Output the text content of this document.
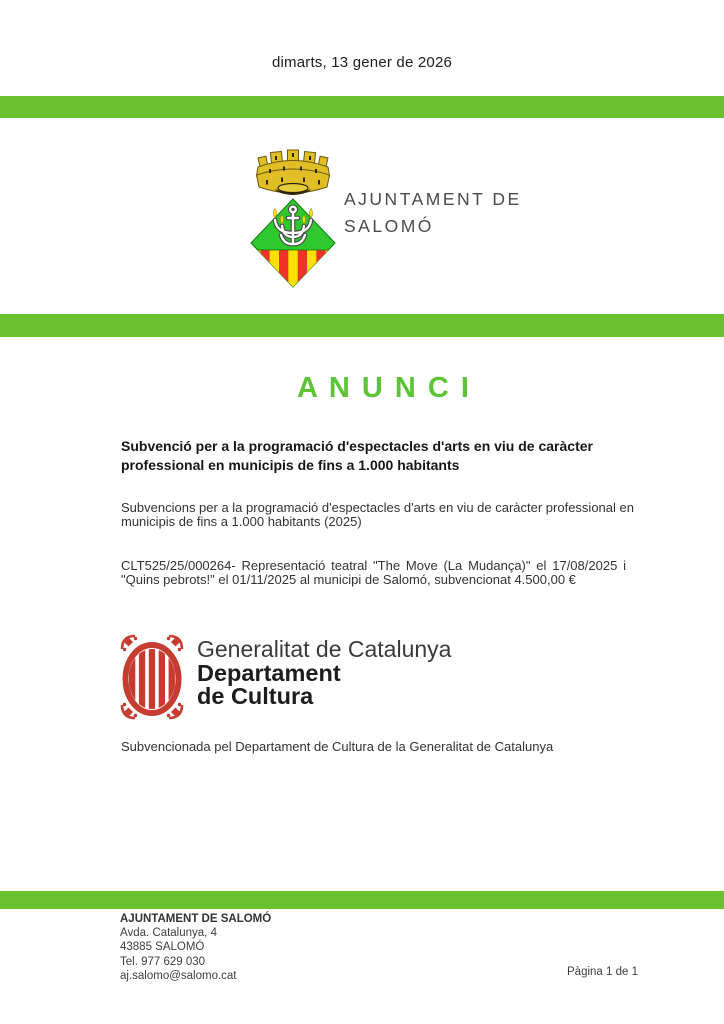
dimarts, 13 gener de 2026
AJUNTAMENT DE
SALOMÓ
A N U N C I
Subvenció per a la programació d'espectacles d'arts en viu de caràcter professional en municipis de fins a 1.000 habitants
Subvencions per a la programació d'espectacles d'arts en viu de caràcter professional en municipis de fins a 1.000 habitants (2025)
CLT525/25/000264- Representació teatral "The Move (La Mudança)" el 17/08/2025 i "Quins pebrots!" el 01/11/2025 al municipi de Salomó, subvencionat 4.500,00 €
Generalitat de Catalunya
Departament
de Cultura
Subvencionada pel Departament de Cultura de la Generalitat de Catalunya
AJUNTAMENT DE SALOMÓ
Avda. Catalunya, 4
43885 SALOMÓ
Tel. 977 629 030
aj.salomo@salomo.cat	Pàgina 1 de 1
